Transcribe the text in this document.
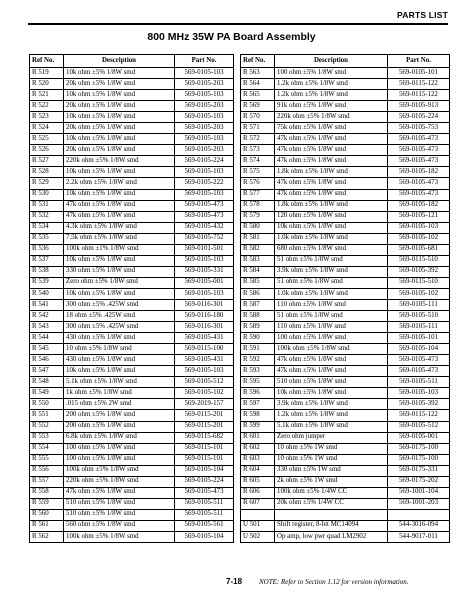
PARTS LIST
800 MHz 35W PA Board Assembly
Ref No.	Description	Part No.
R 519	10k ohm ±5% 1/8W smd	569-0105-103
R 520	20k ohm ±5% 1/8W smd	569-0105-203
R 521	10k ohm ±5% 1/8W smd	569-0105-103
R 522	20k ohm ±5% 1/8W smd	569-0105-203
R 523	10k ohm ±5% 1/8W smd	569-0105-103
R 524	20k ohm ±5% 1/8W smd	569-0105-203
R 525	10k ohm ±5% 1/8W smd	569-0105-103
R 526	20k ohm ±5% 1/8W smd	569-0105-203
R 527	220k ohm ±5% 1/8W smd	569-0105-224
R 528	10k ohm ±5% 1/8W smd	569-0105-103
R 529	2.2k ohm ±5% 1/8W smd	569-0105-222
R 530	10k ohm ±5% 1/8W smd	569-0105-103
R 531	47k ohm ±5% 1/8W smd	569-0105-473
R 532	47k ohm ±5% 1/8W smd	569-0105-473
R 534	4.3k ohm ±5% 1/8W smd	569-0105-432
R 535	7.5k ohm ±5% 1/8W smd	569-0105-752
R 536	100k ohm ±1% 1/8W smd	569-0101-501
R 537	10k ohm ±5% 1/8W smd	569-0105-103
R 538	330 ohm ±5% 1/8W smd	569-0105-331
R 539	Zero ohm ±5% 1/8W smd	569-0105-001
R 540	10k ohm ±5% 1/8W smd	569-0105-103
R 541	300 ohm ±5% .425W smd	569-0116-301
R 542	18 ohm ±5% .425W smd	569-0116-180
R 543	300 ohm ±5% .425W smd	569-0116-301
R 544	430 ohm ±5% 1/8W smd	569-0105-431
R 545	10 ohm ±5% 1/8W smd	569-0115-100
R 546	430 ohm ±5% 1/8W smd	569-0105-431
R 547	10k ohm ±5% 1/8W smd	569-0105-103
R 548	5.1k ohm ±5% 1/8W smd	569-0105-512
R 549	1k ohm ±5% 1/8W smd	569-0105-102
R 550	.015 ohm ±5% 2W smd	569-2019-157
R 551	200 ohm ±5% 1/8W smd	569-0115-201
R 552	200 ohm ±5% 1/8W smd	569-0115-201
R 553	6.8k ohm ±5% 1/8W smd	569-0115-682
R 554	100 ohm ±5% 1/8W smd	569-0115-101
R 555	100 ohm ±5% 1/8W smd	569-0115-101
R 556	100k ohm ±5% 1/8W smd	569-0105-104
R 557	220k ohm ±5% 1/8W smd	569-0105-224
R 558	47k ohm ±5% 1/8W smd	569-0105-473
R 559	510 ohm ±5% 1/8W smd	569-0105-511
R 560	510 ohm ±5% 1/8W smd	569-0105-511
R 561	560 ohm ±5% 1/8W smd	569-0105-561
R 562	100k ohm ±5% 1/8W smd	569-0105-104
Ref No.	Description	Part No.
R 563	100 ohm ±5% 1/8W smd	569-0105-101
R 564	1.2k ohm ±5% 1/8W smd	569-0115-122
R 565	1.2k ohm ±5% 1/8W smd	569-0115-122
R 569	91k ohm ±5% 1/8W smd	569-0105-913
R 570	220k ohm ±5% 1/8W smd	569-0105-224
R 571	75k ohm ±5% 1/8W smd	569-0105-753
R 572	47k ohm ±5% 1/8W smd	569-0105-473
R 573	47k ohm ±5% 1/8W smd	569-0105-473
R 574	47k ohm ±5% 1/8W smd	569-0105-473
R 575	1.8k ohm ±5% 1/8W smd	569-0105-182
R 576	47k ohm ±5% 1/8W smd	569-0105-473
R 577	47k ohm ±5% 1/8W smd	569-0105-473
R 578	1.8k ohm ±5% 1/8W smd	569-0105-182
R 579	120 ohm ±5% 1/8W smd	569-0105-121
R 580	10k ohm ±5% 1/8W smd	569-0105-103
R 581	1.0k ohm ±5% 1/8W smd	569-0105-102
R 582	680 ohm ±5% 1/8W smd	569-0105-681
R 583	51 ohm ±5% 1/8W smd	569-0115-510
R 584	3.9k ohm ±5% 1/8W smd	569-0105-392
R 585	51 ohm ±5% 1/8W smd	569-0115-510
R 586	1.0k ohm ±5% 1/8W smd	569-0105-102
R 587	110 ohm ±5% 1/8W smd	569-0105-111
R 588	51 ohm ±5% 1/8W smd	569-0105-510
R 589	110 ohm ±5% 1/8W smd	569-0105-111
R 590	100 ohm ±5% 1/8W smd	569-0105-101
R 591	100k ohm ±5% 1/8W smd	569-0105-104
R 592	47k ohm ±5% 1/8W smd	569-0105-473
R 593	47k ohm ±5% 1/8W smd	569-0105-473
R 595	510 ohm ±5% 1/8W smd	569-0105-511
R 596	10k ohm ±5% 1/8W smd	569-0105-103
R 597	3.9k ohm ±5% 1/8W smd	569-0105-392
R 598	1.2k ohm ±5% 1/8W smd	569-0115-122
R 599	5.1k ohm ±5% 1/8W smd	569-0105-512
R 601	Zero ohm jumper	569-0105-001
R 602	10 ohm ±5% 1W smd	569-0175-100
R 603	10 ohm ±5% 1W smd	569-0175-100
R 604	330 ohm ±5% 1W smd	569-0175-331
R 605	2k ohm ±5% 1W smd	569-0175-202
R 606	100k ohm ±5% 1/4W CC	569-1001-104
R 607	20k ohm ±5% 1/4W CC	569-1001-203

U 501	Shift register, 8-bit MC14094	544-3016-094
U 502	Op amp, low pwr quad LM2902	544-9017-011
7-18 NOTE: Refer to Section 1.12 for version information.
